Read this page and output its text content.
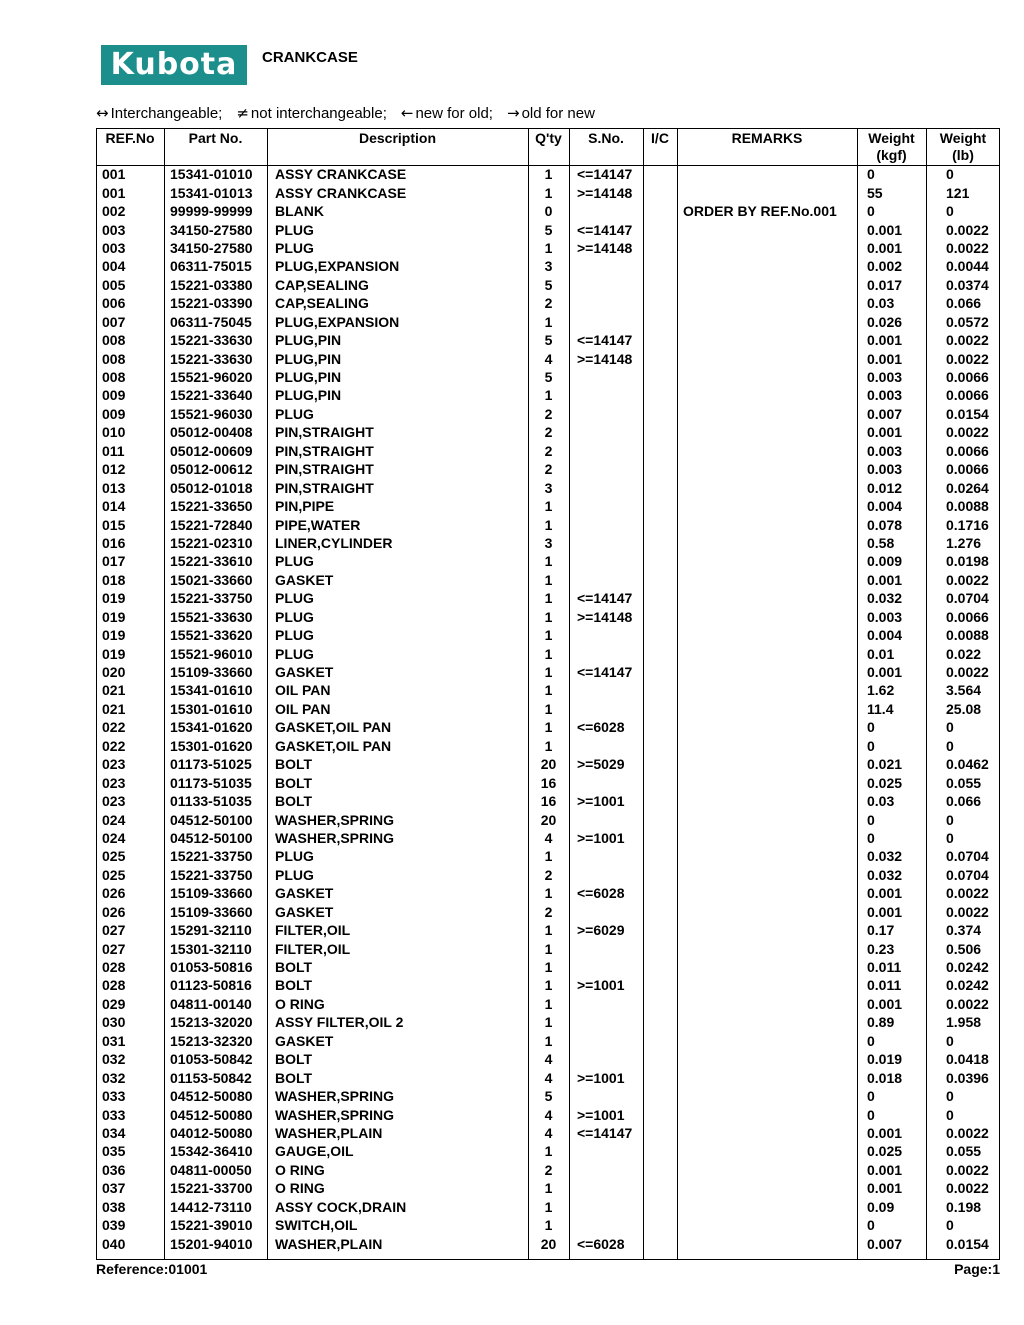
Kubota	CRANKCASE
↔ Interchangeable; ≠ not interchangeable; ← new for old; → old for new
REF.No	Part No.	Description	Q'ty	S.No.	I/C	REMARKS	Weight (kgf)	Weight (lb)

001	15341-01010	ASSY CRANKCASE	1	<=14147			0	0
001	15341-01013	ASSY CRANKCASE	1	>=14148			55	121
002	99999-99999	BLANK	0			ORDER BY REF.No.001	0	0
003	34150-27580	PLUG	5	<=14147			0.001	0.0022
003	34150-27580	PLUG	1	>=14148			0.001	0.0022
004	06311-75015	PLUG,EXPANSION	3				0.002	0.0044
005	15221-03380	CAP,SEALING	5				0.017	0.0374
006	15221-03390	CAP,SEALING	2				0.03	0.066
007	06311-75045	PLUG,EXPANSION	1				0.026	0.0572
008	15221-33630	PLUG,PIN	5	<=14147			0.001	0.0022
008	15221-33630	PLUG,PIN	4	>=14148			0.001	0.0022
008	15521-96020	PLUG,PIN	5				0.003	0.0066
009	15221-33640	PLUG,PIN	1				0.003	0.0066
009	15521-96030	PLUG	2				0.007	0.0154
010	05012-00408	PIN,STRAIGHT	2				0.001	0.0022
011	05012-00609	PIN,STRAIGHT	2				0.003	0.0066
012	05012-00612	PIN,STRAIGHT	2				0.003	0.0066
013	05012-01018	PIN,STRAIGHT	3				0.012	0.0264
014	15221-33650	PIN,PIPE	1				0.004	0.0088
015	15221-72840	PIPE,WATER	1				0.078	0.1716
016	15221-02310	LINER,CYLINDER	3				0.58	1.276
017	15221-33610	PLUG	1				0.009	0.0198
018	15021-33660	GASKET	1				0.001	0.0022
019	15221-33750	PLUG	1	<=14147			0.032	0.0704
019	15521-33630	PLUG	1	>=14148			0.003	0.0066
019	15521-33620	PLUG	1				0.004	0.0088
019	15521-96010	PLUG	1				0.01	0.022
020	15109-33660	GASKET	1	<=14147			0.001	0.0022
021	15341-01610	OIL PAN	1				1.62	3.564
021	15301-01610	OIL PAN	1				11.4	25.08
022	15341-01620	GASKET,OIL PAN	1	<=6028			0	0
022	15301-01620	GASKET,OIL PAN	1				0	0
023	01173-51025	BOLT	20	>=5029			0.021	0.0462
023	01173-51035	BOLT	16				0.025	0.055
023	01133-51035	BOLT	16	>=1001			0.03	0.066
024	04512-50100	WASHER,SPRING	20				0	0
024	04512-50100	WASHER,SPRING	4	>=1001			0	0
025	15221-33750	PLUG	1				0.032	0.0704
025	15221-33750	PLUG	2				0.032	0.0704
026	15109-33660	GASKET	1	<=6028			0.001	0.0022
026	15109-33660	GASKET	2				0.001	0.0022
027	15291-32110	FILTER,OIL	1	>=6029			0.17	0.374
027	15301-32110	FILTER,OIL	1				0.23	0.506
028	01053-50816	BOLT	1				0.011	0.0242
028	01123-50816	BOLT	1	>=1001			0.011	0.0242
029	04811-00140	O RING	1				0.001	0.0022
030	15213-32020	ASSY FILTER,OIL 2	1				0.89	1.958
031	15213-32320	GASKET	1				0	0
032	01053-50842	BOLT	4				0.019	0.0418
032	01153-50842	BOLT	4	>=1001			0.018	0.0396
033	04512-50080	WASHER,SPRING	5				0	0
033	04512-50080	WASHER,SPRING	4	>=1001			0	0
034	04012-50080	WASHER,PLAIN	4	<=14147			0.001	0.0022
035	15342-36410	GAUGE,OIL	1				0.025	0.055
036	04811-00050	O RING	2				0.001	0.0022
037	15221-33700	O RING	1				0.001	0.0022
038	14412-73110	ASSY COCK,DRAIN	1				0.09	0.198
039	15221-39010	SWITCH,OIL	1				0	0
040	15201-94010	WASHER,PLAIN	20	<=6028			0.007	0.0154
Reference:01001	Page:1
